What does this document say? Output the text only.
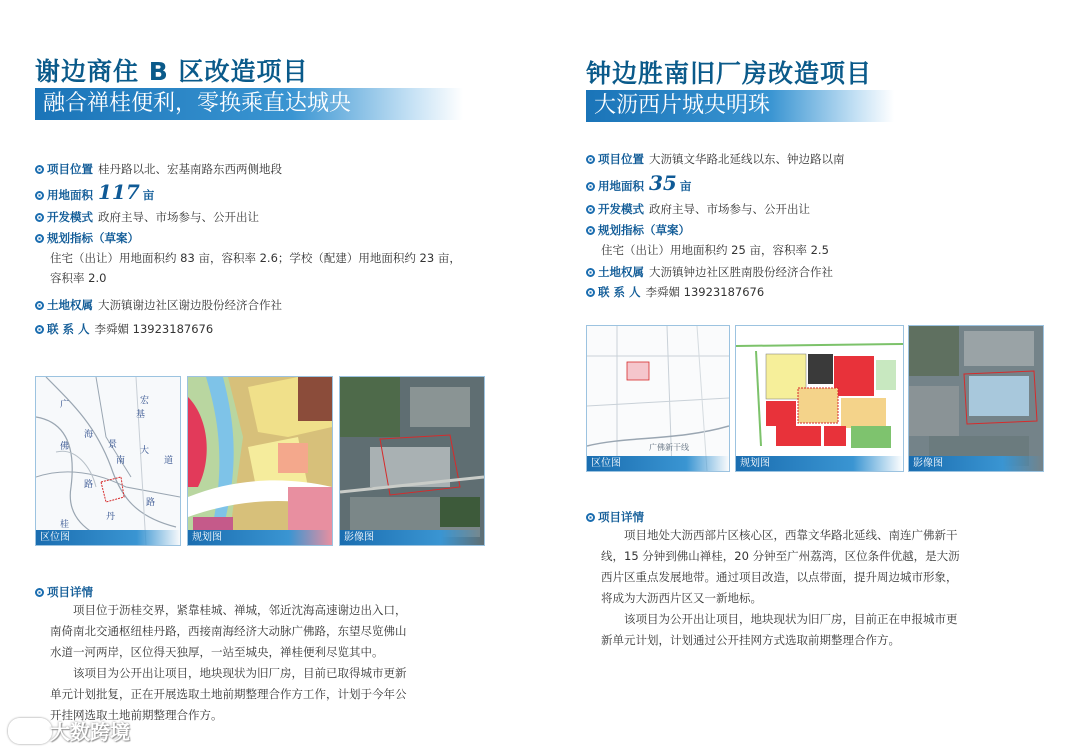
谢边商住 B 区改造项目
融合禅桂便利，零换乘直达城央
项目位置 桂丹路以北、宏基南路东西两侧地段
用地面积 117 亩
开发模式 政府主导、市场参与、公开出让
规划指标（草案）
住宅（出让）用地面积约 83 亩，容积率 2.6；学校（配建）用地面积约 23 亩，
容积率 2.0
土地权属 大沥镇谢边社区谢边股份经济合作社
联 系 人 李舜媚 13923187676
宏
广
基
佛
海
景
南
大
道
路
路
丹
桂
区位图	规划图	影像图
项目详情
项目位于沥桂交界，紧靠桂城、禅城，邻近沈海高速谢边出入口，
南倚南北交通枢纽桂丹路，西接南海经济大动脉广佛路，东望尽览佛山
水道一河两岸，区位得天独厚，一站至城央，禅桂便利尽览其中。
该项目为公开出让项目，地块现状为旧厂房，目前已取得城市更新
单元计划批复，正在开展选取土地前期整理合作方工作，计划于今年公
开挂网选取土地前期整理合作方。
钟边胜南旧厂房改造项目
大沥西片城央明珠
项目位置 大沥镇文华路北延线以东、钟边路以南
用地面积 35 亩
开发模式 政府主导、市场参与、公开出让
规划指标（草案）
住宅（出让）用地面积约 25 亩，容积率 2.5
土地权属 大沥镇钟边社区胜南股份经济合作社
联 系 人 李舜媚 13923187676
广佛新干线
区位图	规划图	影像图
项目详情
项目地处大沥西部片区核心区，西靠文华路北延线、南连广佛新干
线，15 分钟到佛山禅桂，20 分钟至广州荔湾，区位条件优越，是大沥
西片区重点发展地带。通过项目改造，以点带面，提升周边城市形象，
将成为大沥西片区又一新地标。
该项目为公开出让项目，地块现状为旧厂房，目前正在申报城市更
新单元计划，计划通过公开挂网方式选取前期整理合作方。
大数跨境
